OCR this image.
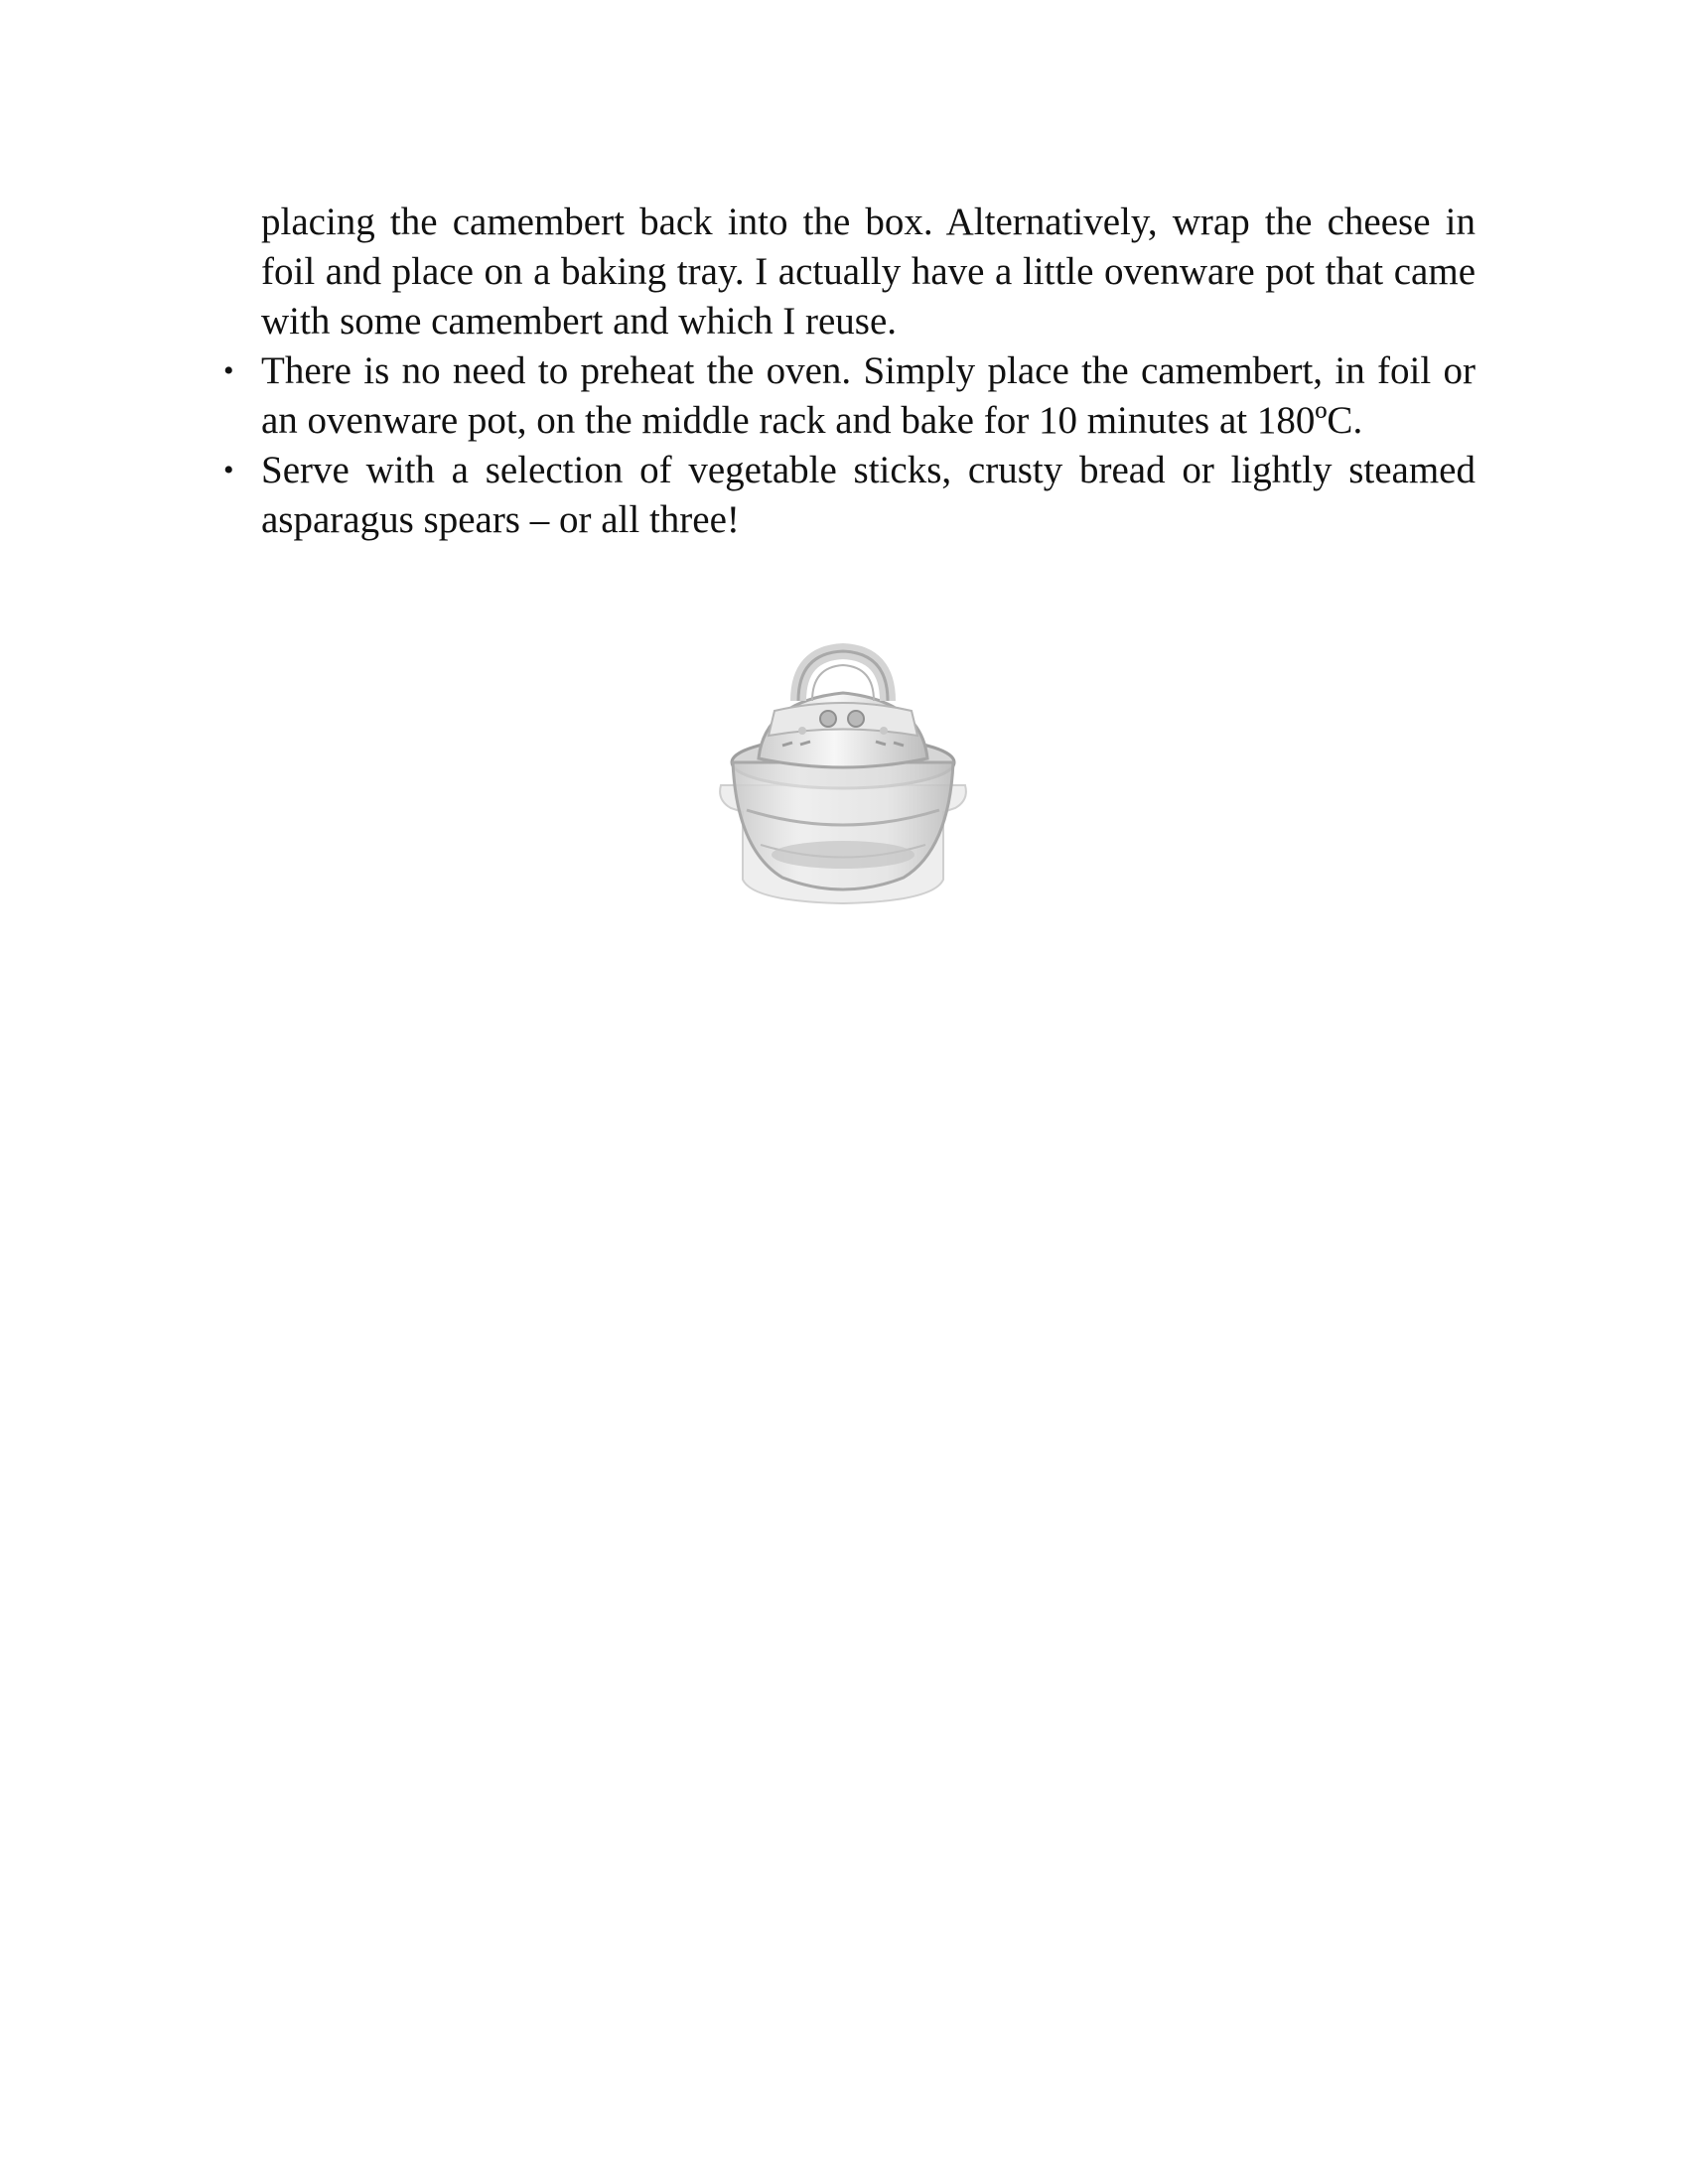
placing the camembert back into the box. Alternatively, wrap the cheese in foil and place on a baking tray. I actually have a little ovenware pot that came with some camembert and which I reuse.

• There is no need to preheat the oven. Simply place the camembert, in foil or an ovenware pot, on the middle rack and bake for 10 minutes at 180ºC.
• Serve with a selection of vegetable sticks, crusty bread or lightly steamed asparagus spears – or all three!
